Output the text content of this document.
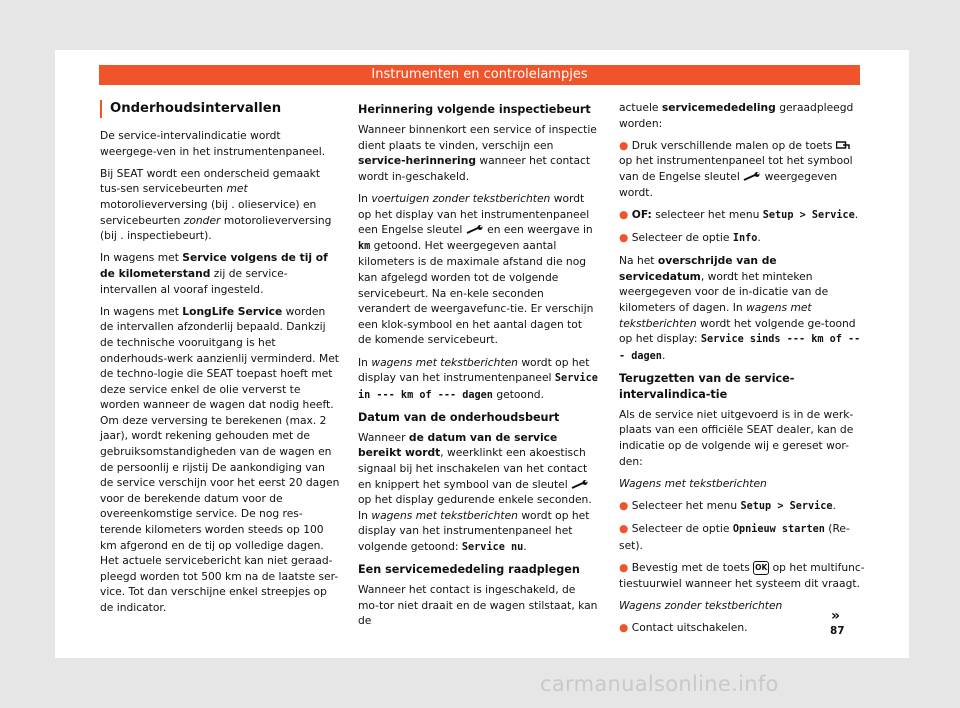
Instrumenten en controlelampjes
Onderhoudsintervallen

De service-intervalindicatie wordt weergege-ven in het instrumentenpaneel.

Bij SEAT wordt een onderscheid gemaakt tus-sen servicebeurten met motorolieverversing (bij . olieservice) en servicebeurten zonder motorolieverversing (bij . inspectiebeurt).

In wagens met Service volgens de tij of de kilometerstand zij de service-intervallen al vooraf ingesteld.

In wagens met LongLife Service worden de intervallen afzonderlij bepaald. Dankzij de technische vooruitgang is het onderhouds-werk aanzienlij verminderd. Met de techno-logie die SEAT toepast hoeft met deze service enkel de olie ververst te worden wanneer de wagen dat nodig heeft. Om deze verversing te berekenen (max. 2 jaar), wordt rekening gehouden met de gebruiksomstandigheden van de wagen en de persoonlij e rijstij De aankondiging van de service verschijn voor het eerst 20 dagen voor de berekende datum voor de overeenkomstige service. De nog res-terende kilometers worden steeds op 100 km afgerond en de tij op volledige dagen. Het actuele servicebericht kan niet geraad-pleegd worden tot 500 km na de laatste ser-vice. Tot dan verschijne enkel streepjes op de indicator.

Herinnering volgende inspectiebeurt

Wanneer binnenkort een service of inspectie dient plaats te vinden, verschijn een service-herinnering wanneer het contact wordt in-geschakeld.

In voertuigen zonder tekstberichten wordt op het display van het instrumentenpaneel een Engelse sleutel  en een weergave in km getoond. Het weergegeven aantal kilometers is de maximale afstand die nog kan afgelegd worden tot de volgende servicebeurt. Na en-kele seconden verandert de weergavefunc-tie. Er verschijn een klok-symbool en het aantal dagen tot de komende servicebeurt.

In wagens met tekstberichten wordt op het display van het instrumentenpaneel Service in --- km of --- dagen getoond.

Datum van de onderhoudsbeurt

Wanneer de datum van de service bereikt wordt, weerklinkt een akoestisch signaal bij het inschakelen van het contact en knippert het symbool van de sleutel  op het display gedurende enkele seconden. In wagens met tekstberichten wordt op het display van het instrumentenpaneel het volgende getoond: Service nu.

Een servicemededeling raadplegen

Wanneer het contact is ingeschakeld, de mo-tor niet draait en de wagen stilstaat, kan de

actuele servicemededeling geraadpleegd worden:

● Druk verschillende malen op de toets  op het instrumentenpaneel tot het symbool van de Engelse sleutel  weergegeven wordt.

● OF: selecteer het menu Setup > Service.

● Selecteer de optie Info.

Na het overschrijde van de servicedatum, wordt het minteken weergegeven voor de in-dicatie van de kilometers of dagen. In wagens met tekstberichten wordt het volgende ge-toond op het display: Service sinds --- km of --- dagen.

Terugzetten van de service-intervalindica-tie

Als de service niet uitgevoerd is in de werk-plaats van een officiële SEAT dealer, kan de indicatie op de volgende wij e gereset wor-den:

Wagens met tekstberichten

● Selecteer het menu Setup > Service.

● Selecteer de optie Opnieuw starten (Re-set).

● Bevestig met de toets OK op het multifunc-tiestuurwiel wanneer het systeem dit vraagt.

Wagens zonder tekstberichten

● Contact uitschakelen.

»
87
carmanualsonline.info
